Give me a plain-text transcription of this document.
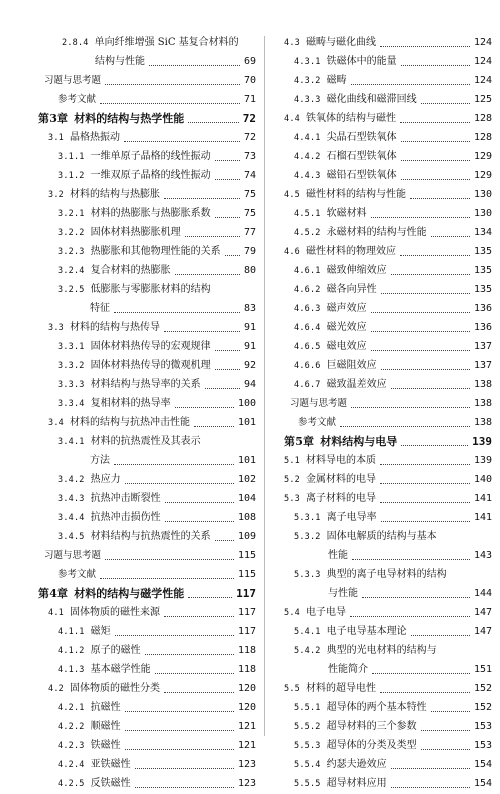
2.8.4 单向纤维增强 SiC 基复合材料的
结构与性能	69
习题与思考题	70
参考文献	71
第3章 材料的结构与热学性能	72
3.1 晶格热振动	72
3.1.1 一维单原子晶格的线性振动	73
3.1.2 一维双原子晶格的线性振动	74
3.2 材料的结构与热膨胀	75
3.2.1 材料的热膨胀与热膨胀系数	75
3.2.2 固体材料热膨胀机理	77
3.2.3 热膨胀和其他物理性能的关系 79
3.2.4 复合材料的热膨胀	80
3.2.5 低膨胀与零膨胀材料的结构
特征	83
3.3 材料的结构与热传导	91
3.3.1 固体材料热传导的宏观规律	91
3.3.2 固体材料热传导的微观机理	92
3.3.3 材料结构与热导率的关系	94
3.3.4 复相材料的热导率	100
3.4 材料的结构与抗热冲击性能	101
3.4.1 材料的抗热震性及其表示
方法	101
3.4.2 热应力	102
3.4.3 抗热冲击断裂性	104
3.4.4 抗热冲击损伤性	108
3.4.5 材料结构与抗热震性的关系	109
习题与思考题	115
参考文献	115
第4章 材料的结构与磁学性能	117
4.1 固体物质的磁性来源	117
4.1.1 磁矩	117
4.1.2 原子的磁性	118
4.1.3 基本磁学性能	118
4.2 固体物质的磁性分类	120
4.2.1 抗磁性	120
4.2.2 顺磁性	121
4.2.3 铁磁性	121
4.2.4 亚铁磁性	123
4.2.5 反铁磁性	123
4.3 磁畴与磁化曲线	124
4.3.1 铁磁体中的能量	124
4.3.2 磁畴	124
4.3.3 磁化曲线和磁滞回线	125
4.4 铁氧体的结构与磁性	128
4.4.1 尖晶石型铁氧体	128
4.4.2 石榴石型铁氧体	129
4.4.3 磁铅石型铁氧体	129
4.5 磁性材料的结构与性能	130
4.5.1 软磁材料	130
4.5.2 永磁材料的结构与性能	134
4.6 磁性材料的物理效应	135
4.6.1 磁致伸缩效应	135
4.6.2 磁各向异性	135
4.6.3 磁声效应	136
4.6.4 磁光效应	136
4.6.5 磁电效应	137
4.6.6 巨磁阻效应	137
4.6.7 磁致温差效应	138
习题与思考题	138
参考文献	138
第5章 材料结构与电导	139
5.1 材料导电的本质	139
5.2 金属材料的电导	140
5.3 离子材料的电导	141
5.3.1 离子电导率	141
5.3.2 固体电解质的结构与基本
性能	143
5.3.3 典型的离子电导材料的结构
与性能	144
5.4 电子电导	147
5.4.1 电子电导基本理论	147
5.4.2 典型的光电材料的结构与
性能简介	151
5.5 材料的超导电性	152
5.5.1 超导体的两个基本特性	152
5.5.2 超导材料的三个参数	153
5.5.3 超导体的分类及类型	153
5.5.4 约瑟夫逊效应	154
5.5.5 超导材料应用	154
